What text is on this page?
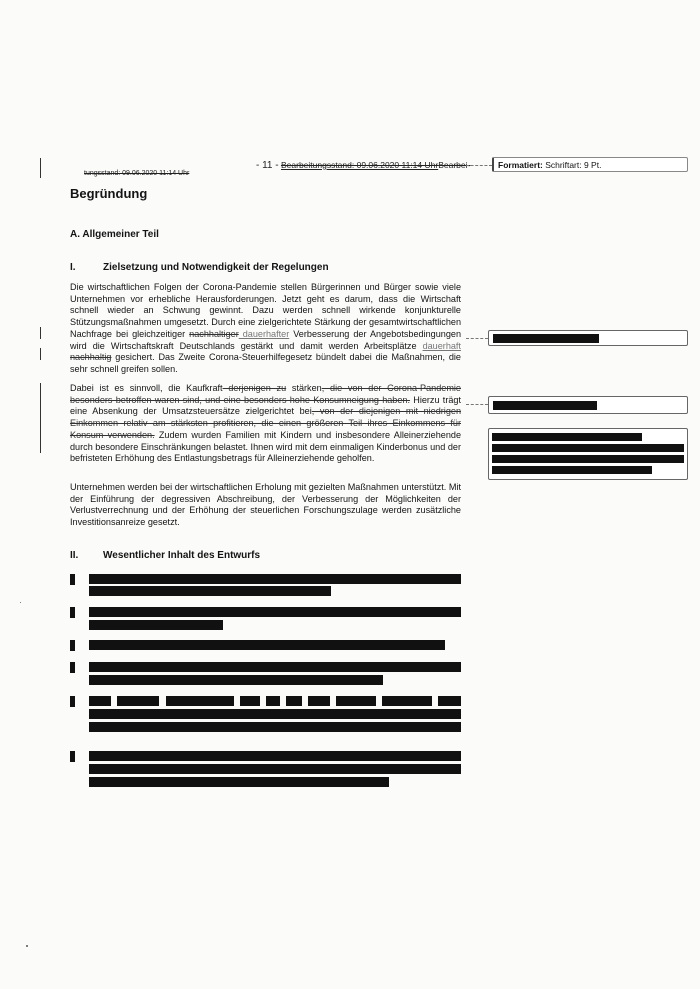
tungsstand: 09.06.2020 11:14 Uhr
- 11 - Bearbeitungsstand: 09.06.2020 11:14 UhrBearbei-	Formatiert: Schriftart: 9 Pt.
Begründung
A. Allgemeiner Teil
I.	Zielsetzung und Notwendigkeit der Regelungen

Die wirtschaftlichen Folgen der Corona-Pandemie stellen Bürgerinnen und Bürger sowie viele Unternehmen vor erhebliche Herausforderungen. Jetzt geht es darum, dass die Wirtschaft schnell wieder an Schwung gewinnt. Dazu werden schnell wirkende konjunkturelle Stützungsmaßnahmen umgesetzt. Durch eine zielgerichtete Stärkung der gesamtwirtschaftlichen Nachfrage bei gleichzeitiger nachhaltiger dauerhafter Verbesserung der Angebotsbedingungen wird die Wirtschaftskraft Deutschlands gestärkt und damit werden Arbeitsplätze dauerhaft nachhaltig gesichert. Das Zweite Corona-Steuerhilfegesetz bündelt dabei die Maßnahmen, die sehr schnell greifen sollen.

Dabei ist es sinnvoll, die Kaufkraft derjenigen zu stärken, die von der Corona-Pandemie besonders betroffen waren sind, und eine besonders hohe Konsumneigung haben. Hierzu trägt eine Absenkung der Umsatzsteuersätze zielgerichtet bei, von der diejenigen mit niedrigen Einkommen relativ am stärksten profitieren, die einen größeren Teil ihres Einkommens für Konsum verwenden. Zudem wurden Familien mit Kindern und insbesondere Alleinerziehende durch besondere Einschränkungen belastet. Ihnen wird mit dem einmaligen Kinderbonus und der befristeten Erhöhung des Entlastungsbetrags für Alleinerziehende geholfen.

Unternehmen werden bei der wirtschaftlichen Erholung mit gezielten Maßnahmen unterstützt. Mit der Einführung der degressiven Abschreibung, der Verbesserung der Möglichkeiten der Verlustverrechnung und der Erhöhung der steuerlichen Forschungszulage werden zusätzliche Investitionsanreize gesetzt.

II. Wesentlicher Inhalt des Entwurfs
